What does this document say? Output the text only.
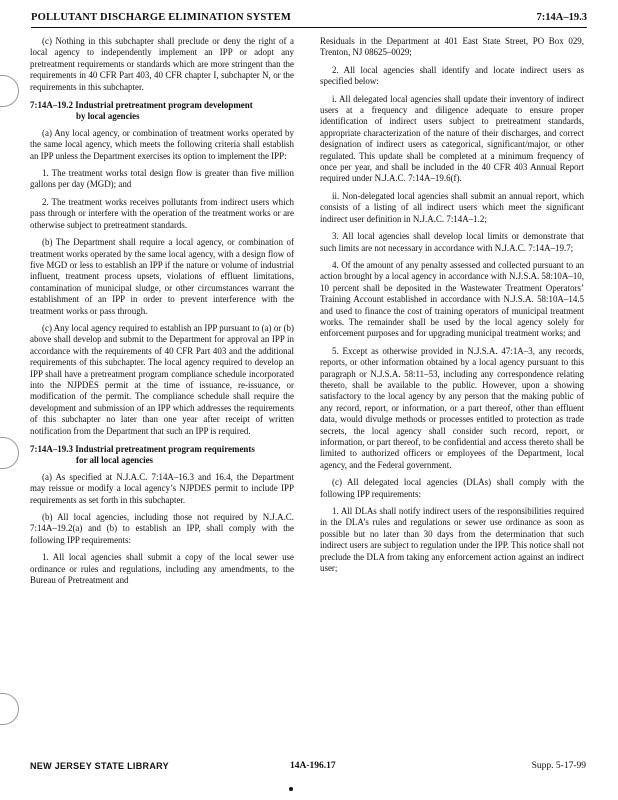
POLLUTANT DISCHARGE ELIMINATION SYSTEM	7:14A–19.3

(c) Nothing in this subchapter shall preclude or deny the right of a local agency to independently implement an IPP or adopt any pretreatment requirements or standards which are more stringent than the requirements in 40 CFR Part 403, 40 CFR chapter I, subchapter N, or the requirements in this subchapter.

7:14A–19.2 Industrial pretreatment program development
by local agencies

(a) Any local agency, or combination of treatment works operated by the same local agency, which meets the following criteria shall establish an IPP unless the Department exercises its option to implement the IPP:

1. The treatment works total design flow is greater than five million gallons per day (MGD); and

2. The treatment works receives pollutants from indirect users which pass through or interfere with the operation of the treatment works or are otherwise subject to pretreatment standards.

(b) The Department shall require a local agency, or combination of treatment works operated by the same local agency, with a design flow of five MGD or less to establish an IPP if the nature or volume of industrial influent, treatment process upsets, violations of effluent limitations, contamination of municipal sludge, or other circumstances warrant the establishment of an IPP in order to prevent interference with the treatment works or pass through.

(c) Any local agency required to establish an IPP pursuant to (a) or (b) above shall develop and submit to the Department for approval an IPP in accordance with the requirements of 40 CFR Part 403 and the additional requirements of this subchapter. The local agency required to develop an IPP shall have a pretreatment program compliance schedule incorporated into the NJPDES permit at the time of issuance, re-issuance, or modification of the permit. The compliance schedule shall require the development and submission of an IPP which addresses the requirements of this subchapter no later than one year after receipt of written notification from the Department that such an IPP is required.

7:14A–19.3 Industrial pretreatment program requirements
for all local agencies

(a) As specified at N.J.A.C. 7:14A–16.3 and 16.4, the Department may reissue or modify a local agency’s NJPDES permit to include IPP requirements as set forth in this subchapter.

(b) All local agencies, including those not required by N.J.A.C. 7:14A–19.2(a) and (b) to establish an IPP, shall comply with the following IPP requirements:

1. All local agencies shall submit a copy of the local sewer use ordinance or rules and regulations, including any amendments, to the Bureau of Pretreatment and

Residuals in the Department at 401 East State Street, PO Box 029, Trenton, NJ 08625–0029;

2. All local agencies shall identify and locate indirect users as specified below:

i. All delegated local agencies shall update their inventory of indirect users at a frequency and diligence adequate to ensure proper identification of indirect users subject to pretreatment standards, appropriate characterization of the nature of their discharges, and correct designation of indirect users as categorical, significant/major, or other regulated. This update shall be completed at a minimum frequency of once per year, and shall be included in the 40 CFR 403 Annual Report required under N.J.A.C. 7:14A–19.6(f).

ii. Non-delegated local agencies shall submit an annual report, which consists of a listing of all indirect users which meet the significant indirect user definition in N.J.A.C. 7:14A–1.2;

3. All local agencies shall develop local limits or demonstrate that such limits are not necessary in accordance with N.J.A.C. 7:14A–19.7;

4. Of the amount of any penalty assessed and collected pursuant to an action brought by a local agency in accordance with N.J.S.A. 58:10A–10, 10 percent shall be deposited in the Wastewater Treatment Operators’ Training Account established in accordance with N.J.S.A. 58:10A–14.5 and used to finance the cost of training operators of municipal treatment works. The remainder shall be used by the local agency solely for enforcement purposes and for upgrading municipal treatment works; and

5. Except as otherwise provided in N.J.S.A. 47:1A–3, any records, reports, or other information obtained by a local agency pursuant to this paragraph or N.J.S.A. 58:11–53, including any correspondence relating thereto, shall be available to the public. However, upon a showing satisfactory to the local agency by any person that the making public of any record, report, or information, or a part thereof, other than effluent data, would divulge methods or processes entitled to protection as trade secrets, the local agency shall consider such record, report, or information, or part thereof, to be confidential and access thereto shall be limited to authorized officers or employees of the Department, local agency, and the Federal government.

(c) All delegated local agencies (DLAs) shall comply with the following IPP requirements:

1. All DLAs shall notify indirect users of the responsibilities required in the DLA’s rules and regulations or sewer use ordinance as soon as possible but no later than 30 days from the determination that such indirect users are subject to regulation under the IPP. This notice shall not preclude the DLA from taking any enforcement action against an indirect user;

NEW JERSEY STATE LIBRARY	14A-196.17	Supp. 5-17-99
